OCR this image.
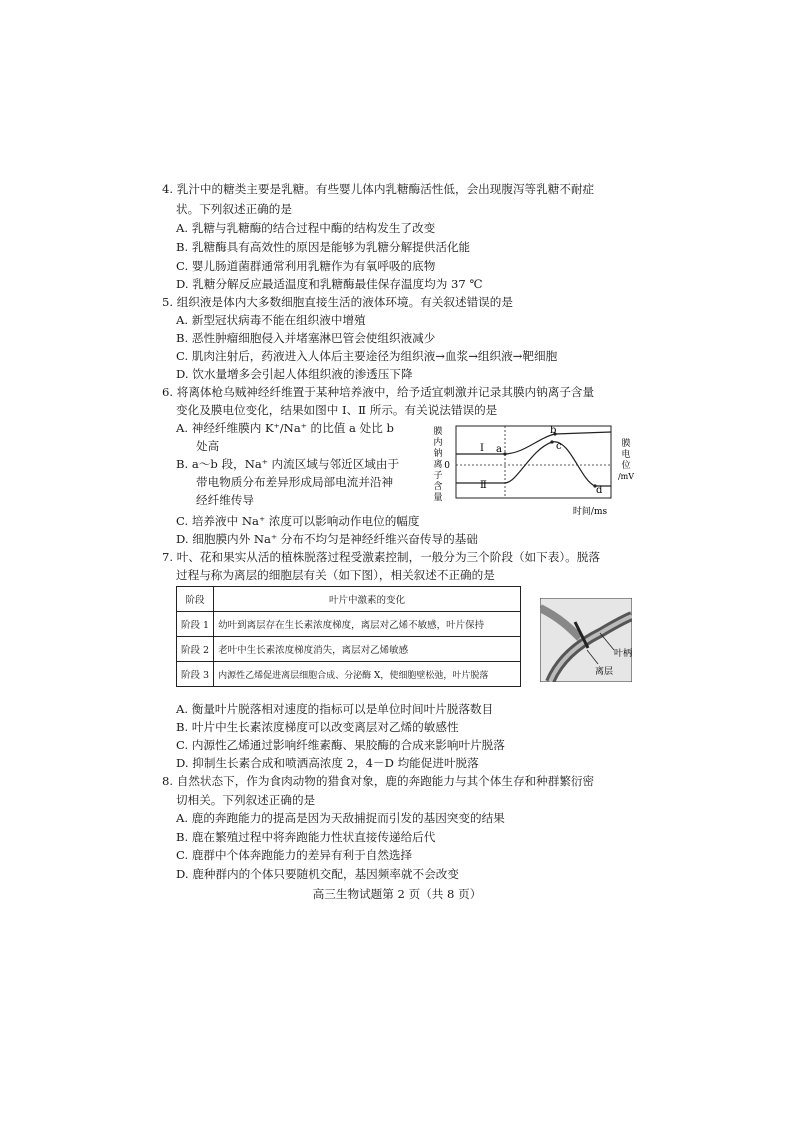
4. 乳汁中的糖类主要是乳糖。有些婴儿体内乳糖酶活性低，会出现腹泻等乳糖不耐症
状。下列叙述正确的是
A. 乳糖与乳糖酶的结合过程中酶的结构发生了改变
B. 乳糖酶具有高效性的原因是能够为乳糖分解提供活化能
C. 婴儿肠道菌群通常利用乳糖作为有氧呼吸的底物
D. 乳糖分解反应最适温度和乳糖酶最佳保存温度均为 37 ℃
5. 组织液是体内大多数细胞直接生活的液体环境。有关叙述错误的是
A. 新型冠状病毒不能在组织液中增殖
B. 恶性肿瘤细胞侵入并堵塞淋巴管会使组织液减少
C. 肌肉注射后，药液进入人体后主要途径为组织液→血浆→组织液→靶细胞
D. 饮水量增多会引起人体组织液的渗透压下降
6. 将离体枪乌贼神经纤维置于某种培养液中，给予适宜刺激并记录其膜内钠离子含量
变化及膜电位变化，结果如图中 Ⅰ、Ⅱ 所示。有关说法错误的是
A. 神经纤维膜内 K⁺/Na⁺ 的比值 a 处比 b
处高
B. a～b 段，Na⁺ 内流区域与邻近区域由于
带电物质分布差异形成局部电流并沿神
经纤维传导
C. 培养液中 Na⁺ 浓度可以影响动作电位的幅度
D. 细胞膜内外 Na⁺ 分布不均匀是神经纤维兴奋传导的基础
膜
内
钠
离
子
含
量
0
Ⅰ
Ⅱ
a
b
c
d
膜
电
位
/mV
时间/ms
7. 叶、花和果实从活的植株脱落过程受激素控制，一般分为三个阶段（如下表）。脱落
过程与称为离层的细胞层有关（如下图），相关叙述不正确的是
阶段	叶片中激素的变化
阶段 1	幼叶到离层存在生长素浓度梯度，离层对乙烯不敏感，叶片保持
阶段 2	老叶中生长素浓度梯度消失，离层对乙烯敏感
阶段 3	内源性乙烯促进离层细胞合成、分泌酶 X，使细胞壁松弛，叶片脱落
叶柄
离层
A. 衡量叶片脱落相对速度的指标可以是单位时间叶片脱落数目
B. 叶片中生长素浓度梯度可以改变离层对乙烯的敏感性
C. 内源性乙烯通过影响纤维素酶、果胶酶的合成来影响叶片脱落
D. 抑制生长素合成和喷洒高浓度 2，4－D 均能促进叶脱落
8. 自然状态下，作为食肉动物的猎食对象，鹿的奔跑能力与其个体生存和种群繁衍密
切相关。下列叙述正确的是
A. 鹿的奔跑能力的提高是因为天敌捕捉而引发的基因突变的结果
B. 鹿在繁殖过程中将奔跑能力性状直接传递给后代
C. 鹿群中个体奔跑能力的差异有利于自然选择
D. 鹿种群内的个体只要随机交配，基因频率就不会改变
高三生物试题第 2 页（共 8 页）
